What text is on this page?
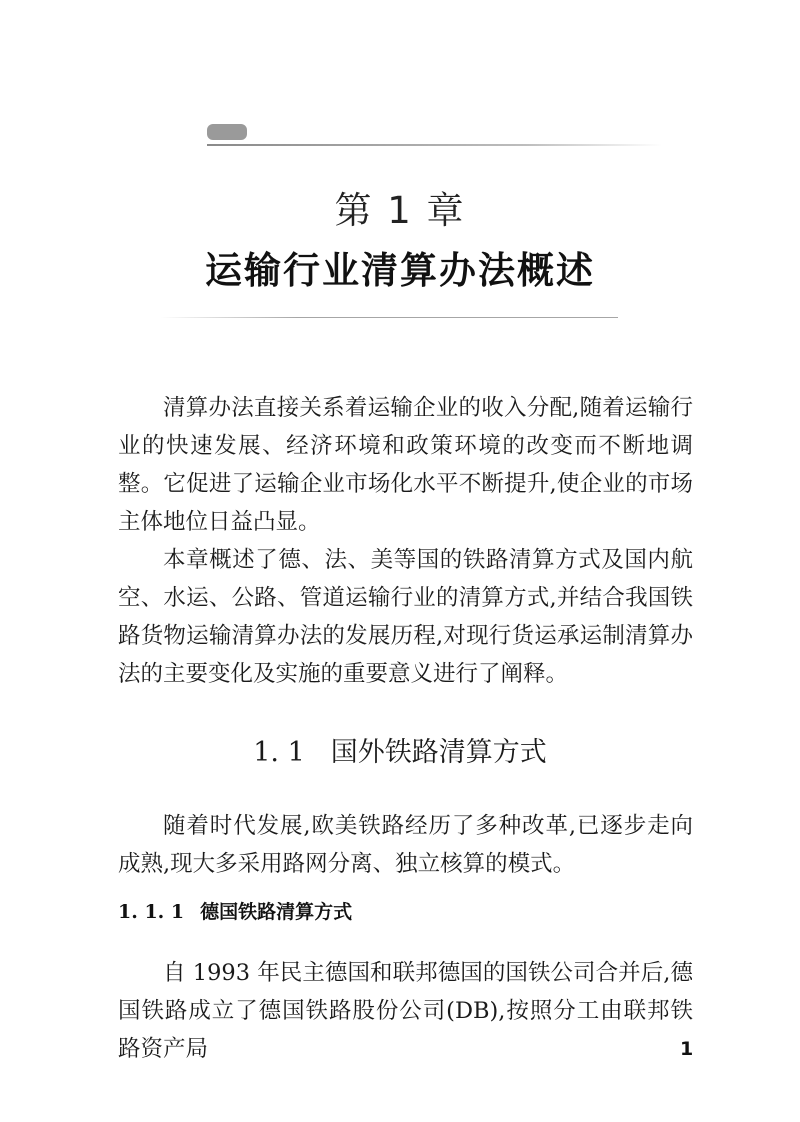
第 1 章
运输行业清算办法概述

清算办法直接关系着运输企业的收入分配,随着运输行业的快速发展、经济环境和政策环境的改变而不断地调整。它促进了运输企业市场化水平不断提升,使企业的市场主体地位日益凸显。

本章概述了德、法、美等国的铁路清算方式及国内航空、水运、公路、管道运输行业的清算方式,并结合我国铁路货物运输清算办法的发展历程,对现行货运承运制清算办法的主要变化及实施的重要意义进行了阐释。

1. 1 国外铁路清算方式

随着时代发展,欧美铁路经历了多种改革,已逐步走向成熟,现大多采用路网分离、独立核算的模式。

1. 1. 1 德国铁路清算方式

自 1993 年民主德国和联邦德国的国铁公司合并后,德国铁路成立了德国铁路股份公司(DB),按照分工由联邦铁路资产局	1
